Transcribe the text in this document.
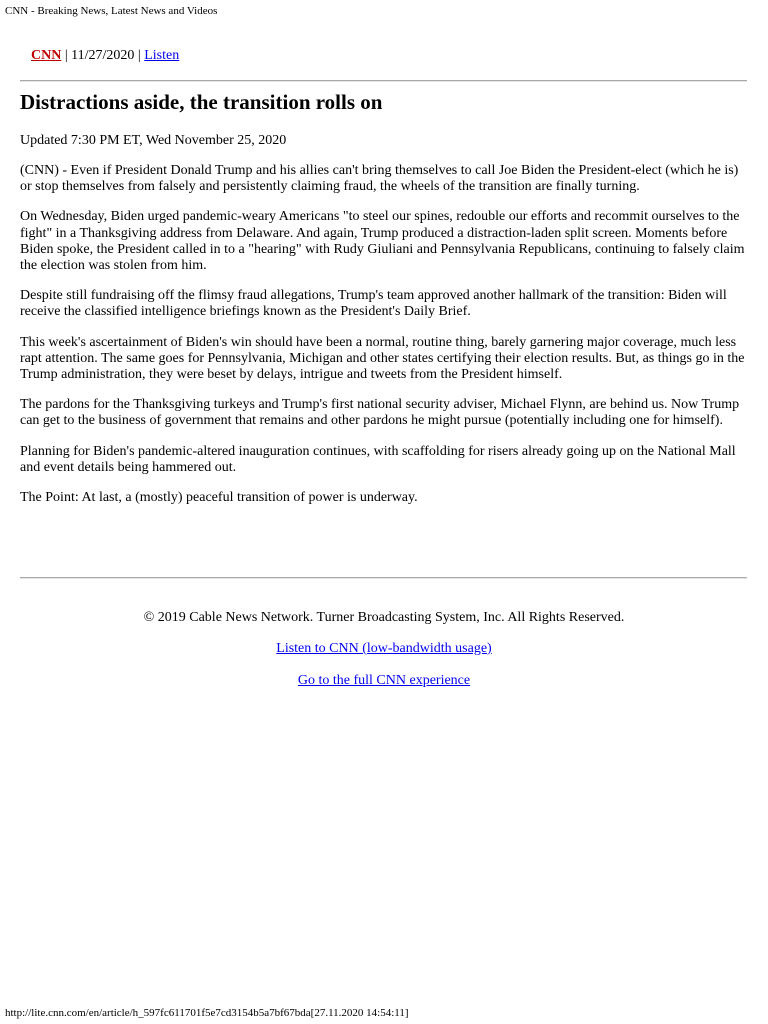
CNN - Breaking News, Latest News and Videos
CNN | 11/27/2020 | Listen
Distractions aside, the transition rolls on

Updated 7:30 PM ET, Wed November 25, 2020

(CNN) - Even if President Donald Trump and his allies can't bring themselves to call Joe Biden the President-elect (which he is) or stop themselves from falsely and persistently claiming fraud, the wheels of the transition are finally turning.

On Wednesday, Biden urged pandemic-weary Americans "to steel our spines, redouble our efforts and recommit ourselves to the fight" in a Thanksgiving address from Delaware. And again, Trump produced a distraction-laden split screen. Moments before Biden spoke, the President called in to a "hearing" with Rudy Giuliani and Pennsylvania Republicans, continuing to falsely claim the election was stolen from him.

Despite still fundraising off the flimsy fraud allegations, Trump's team approved another hallmark of the transition: Biden will receive the classified intelligence briefings known as the President's Daily Brief.

This week's ascertainment of Biden's win should have been a normal, routine thing, barely garnering major coverage, much less rapt attention. The same goes for Pennsylvania, Michigan and other states certifying their election results. But, as things go in the Trump administration, they were beset by delays, intrigue and tweets from the President himself.

The pardons for the Thanksgiving turkeys and Trump's first national security adviser, Michael Flynn, are behind us. Now Trump can get to the business of government that remains and other pardons he might pursue (potentially including one for himself).

Planning for Biden's pandemic-altered inauguration continues, with scaffolding for risers already going up on the National Mall and event details being hammered out.

The Point: At last, a (mostly) peaceful transition of power is underway.

© 2019 Cable News Network. Turner Broadcasting System, Inc. All Rights Reserved.
Listen to CNN (low-bandwidth usage)
Go to the full CNN experience
http://lite.cnn.com/en/article/h_597fc611701f5e7cd3154b5a7bf67bda[27.11.2020 14:54:11]
